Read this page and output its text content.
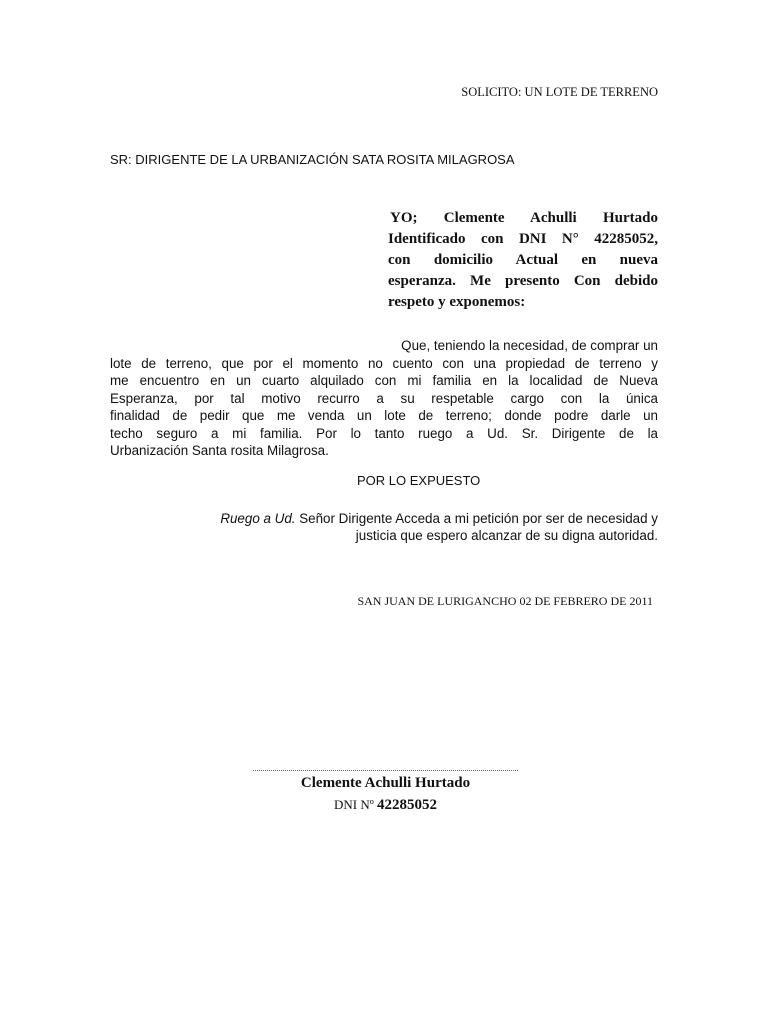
SOLICITO: UN LOTE DE TERRENO
SR: DIRIGENTE DE LA URBANIZACIÓN SATA ROSITA MILAGROSA
YO; Clemente Achulli Hurtado
Identificado con DNI N° 42285052,
con domicilio Actual en nueva
esperanza. Me presento Con debido
respeto y exponemos:
Que, teniendo la necesidad, de comprar un
lote de terreno, que por el momento no cuento con una propiedad de terreno y
me encuentro en un cuarto alquilado con mi familia en la localidad de Nueva
Esperanza, por tal motivo recurro a su respetable cargo con la única
finalidad de pedir que me venda un lote de terreno; donde podre darle un
techo seguro a mi familia. Por lo tanto ruego a Ud. Sr. Dirigente de la
Urbanización Santa rosita Milagrosa.
POR LO EXPUESTO
Ruego a Ud. Señor Dirigente Acceda a mi petición por ser de necesidad y
justicia que espero alcanzar de su digna autoridad.
SAN JUAN DE LURIGANCHO 02 DE FEBRERO DE 2011
Clemente Achulli Hurtado
DNI Nº 42285052
